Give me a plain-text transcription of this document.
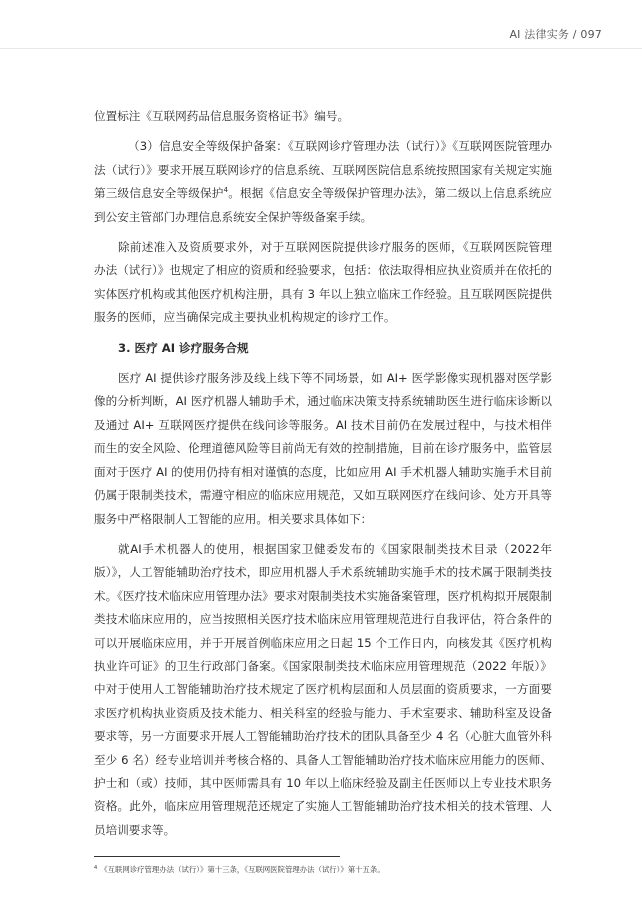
AI 法律实务 / 097

位置标注《互联网药品信息服务资格证书》编号。

（3）信息安全等级保护备案：《互联网诊疗管理办法（试行）》《互联网医院管理办法（试行）》要求开展互联网诊疗的信息系统、互联网医院信息系统按照国家有关规定实施第三级信息安全等级保护$^4$。根据《信息安全等级保护管理办法》，第二级以上信息系统应到公安主管部门办理信息系统安全保护等级备案手续。

除前述准入及资质要求外，对于互联网医院提供诊疗服务的医师，《互联网医院管理办法（试行）》也规定了相应的资质和经验要求，包括：依法取得相应执业资质并在依托的实体医疗机构或其他医疗机构注册，具有 3 年以上独立临床工作经验。且互联网医院提供服务的医师，应当确保完成主要执业机构规定的诊疗工作。

3. 医疗 AI 诊疗服务合规

医疗 AI 提供诊疗服务涉及线上线下等不同场景，如 AI+ 医学影像实现机器对医学影像的分析判断，AI 医疗机器人辅助手术，通过临床决策支持系统辅助医生进行临床诊断以及通过 AI+ 互联网医疗提供在线问诊等服务。AI 技术目前仍在发展过程中，与技术相伴而生的安全风险、伦理道德风险等目前尚无有效的控制措施，目前在诊疗服务中，监管层面对于医疗 AI 的使用仍持有相对谨慎的态度，比如应用 AI 手术机器人辅助实施手术目前仍属于限制类技术，需遵守相应的临床应用规范，又如互联网医疗在线问诊、处方开具等服务中严格限制人工智能的应用。相关要求具体如下：

就AI手术机器人的使用，根据国家卫健委发布的《国家限制类技术目录（2022年版）》，人工智能辅助治疗技术，即应用机器人手术系统辅助实施手术的技术属于限制类技术。《医疗技术临床应用管理办法》要求对限制类技术实施备案管理，医疗机构拟开展限制类技术临床应用的，应当按照相关医疗技术临床应用管理规范进行自我评估，符合条件的可以开展临床应用，并于开展首例临床应用之日起 15 个工作日内，向核发其《医疗机构执业许可证》的卫生行政部门备案。《国家限制类技术临床应用管理规范（2022 年版）》中对于使用人工智能辅助治疗技术规定了医疗机构层面和人员层面的资质要求，一方面要求医疗机构执业资质及技术能力、相关科室的经验与能力、手术室要求、辅助科室及设备要求等，另一方面要求开展人工智能辅助治疗技术的团队具备至少 4 名（心脏大血管外科至少 6 名）经专业培训并考核合格的、具备人工智能辅助治疗技术临床应用能力的医师、护士和（或）技师，其中医师需具有 10 年以上临床经验及副主任医师以上专业技术职务资格。此外，临床应用管理规范还规定了实施人工智能辅助治疗技术相关的技术管理、人员培训要求等。

$^4$ 《互联网诊疗管理办法（试行）》第十三条，《互联网医院管理办法（试行）》第十五条。
